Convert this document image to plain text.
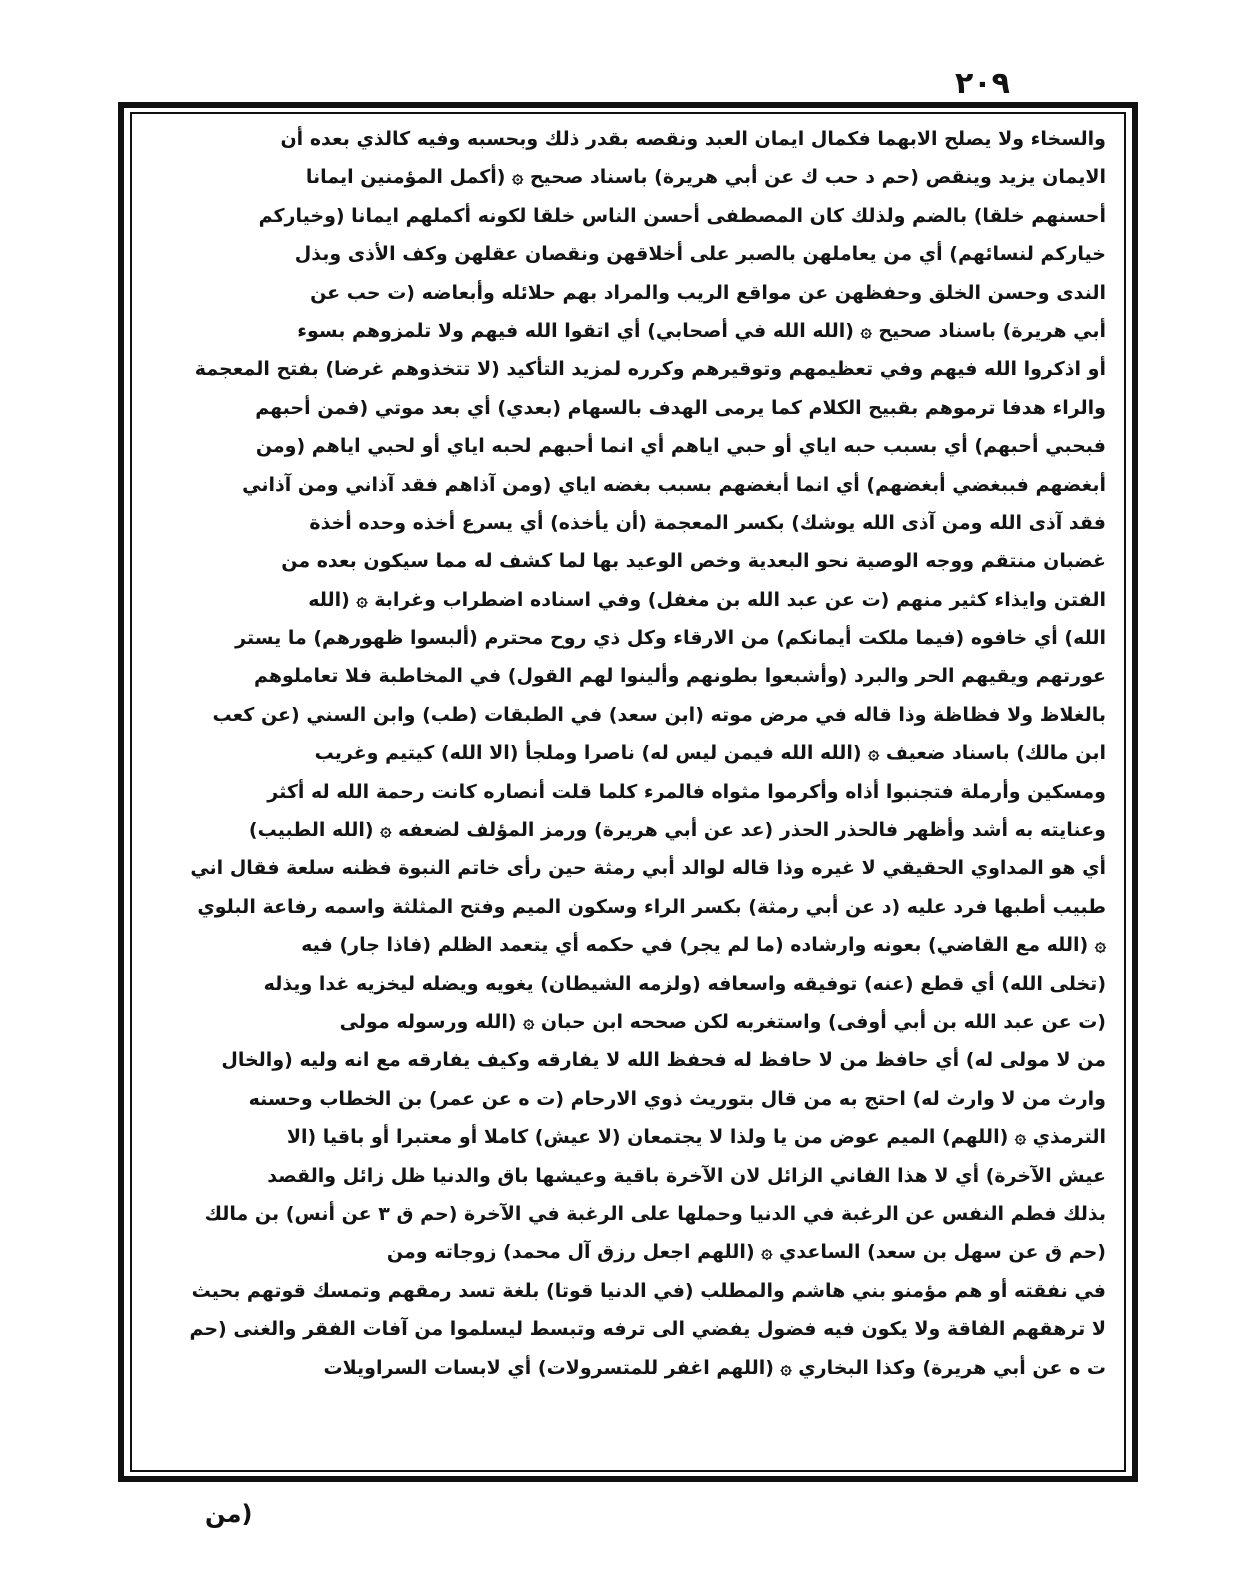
٢٠٩
والسخاء ولا يصلح الابهما فكمال ايمان العبد ونقصه بقدر ذلك وبحسبه وفيه كالذي بعده أن
الايمان يزيد وينقص (حم د حب ك عن أبي هريرة) باسناد صحيح ۞ (أكمل المؤمنين ايمانا
أحسنهم خلقا) بالضم ولذلك كان المصطفى أحسن الناس خلقا لكونه أكملهم ايمانا (وخياركم
خياركم لنسائهم) أي من يعاملهن بالصبر على أخلاقهن ونقصان عقلهن وكف الأذى وبذل
الندى وحسن الخلق وحفظهن عن مواقع الريب والمراد بهم حلائله وأبعاضه (ت حب عن
أبي هريرة) باسناد صحيح ۞ (الله الله في أصحابي) أي اتقوا الله فيهم ولا تلمزوهم بسوء
أو اذكروا الله فيهم وفي تعظيمهم وتوقيرهم وكرره لمزيد التأكيد (لا تتخذوهم غرضا) بفتح المعجمة
والراء هدفا ترموهم بقبيح الكلام كما يرمى الهدف بالسهام (بعدي) أي بعد موتي (فمن أحبهم
فبحبي أحبهم) أي بسبب حبه اياي أو حبي اياهم أي انما أحبهم لحبه اياي أو لحبي اياهم (ومن
أبغضهم فببغضي أبغضهم) أي انما أبغضهم بسبب بغضه اياي (ومن آذاهم فقد آذاني ومن آذاني
فقد آذى الله ومن آذى الله يوشك) بكسر المعجمة (أن يأخذه) أي يسرع أخذه وحده أخذة
غضبان منتقم ووجه الوصية نحو البعدية وخص الوعيد بها لما كشف له مما سيكون بعده من
الفتن وايذاء كثير منهم (ت عن عبد الله بن مغفل) وفي اسناده اضطراب وغرابة ۞ (الله
الله) أي خافوه (فيما ملكت أيمانكم) من الارقاء وكل ذي روح محترم (ألبسوا ظهورهم) ما يستر
عورتهم ويقيهم الحر والبرد (وأشبعوا بطونهم وألينوا لهم القول) في المخاطبة فلا تعاملوهم
بالغلاظ ولا فظاظة وذا قاله في مرض موته (ابن سعد) في الطبقات (طب) وابن السني (عن كعب
ابن مالك) باسناد ضعيف ۞ (الله الله فيمن ليس له) ناصرا وملجأ (الا الله) كيتيم وغريب
ومسكين وأرملة فتجنبوا أذاه وأكرموا مثواه فالمرء كلما قلت أنصاره كانت رحمة الله له أكثر
وعنايته به أشد وأظهر فالحذر الحذر (عد عن أبي هريرة) ورمز المؤلف لضعفه ۞ (الله الطبيب)
أي هو المداوي الحقيقي لا غيره وذا قاله لوالد أبي رمثة حين رأى خاتم النبوة فظنه سلعة فقال اني
طبيب أطبها فرد عليه (د عن أبي رمثة) بكسر الراء وسكون الميم وفتح المثلثة واسمه رفاعة البلوي
۞ (الله مع القاضي) بعونه وارشاده (ما لم يجر) في حكمه أي يتعمد الظلم (فاذا جار) فيه
(تخلى الله) أي قطع (عنه) توفيقه واسعافه (ولزمه الشيطان) يغويه ويضله ليخزيه غدا ويذله
(ت عن عبد الله بن أبي أوفى) واستغربه لكن صححه ابن حبان ۞ (الله ورسوله مولى
من لا مولى له) أي حافظ من لا حافظ له فحفظ الله لا يفارقه وكيف يفارقه مع انه وليه (والخال
وارث من لا وارث له) احتج به من قال بتوريث ذوي الارحام (ت ه عن عمر) بن الخطاب وحسنه
الترمذي ۞ (اللهم) الميم عوض من يا ولذا لا يجتمعان (لا عيش) كاملا أو معتبرا أو باقيا (الا
عيش الآخرة) أي لا هذا الفاني الزائل لان الآخرة باقية وعيشها باق والدنيا ظل زائل والقصد
بذلك فطم النفس عن الرغبة في الدنيا وحملها على الرغبة في الآخرة (حم ق ٣ عن أنس) بن مالك
(حم ق عن سهل بن سعد) الساعدي ۞ (اللهم اجعل رزق آل محمد) زوجاته ومن
في نفقته أو هم مؤمنو بني هاشم والمطلب (في الدنيا قوتا) بلغة تسد رمقهم وتمسك قوتهم بحيث
لا ترهقهم الفاقة ولا يكون فيه فضول يفضي الى ترفه وتبسط ليسلموا من آفات الفقر والغنى (حم
ت ه عن أبي هريرة) وكذا البخاري ۞ (اللهم اغفر للمتسرولات) أي لابسات السراويلات
(من
